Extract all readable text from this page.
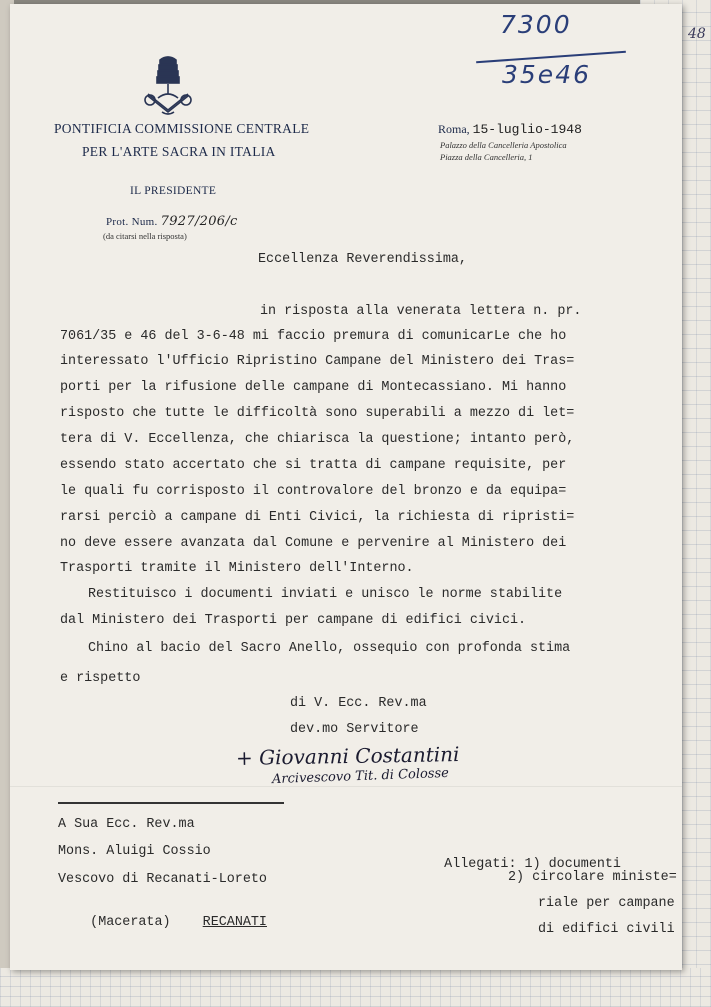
48
PONTIFICIA COMMISSIONE CENTRALE
PER L'ARTE SACRA IN ITALIA
IL PRESIDENTE
Prot. Num. 7927/206/c
(da citarsi nella risposta)
Roma, 15-luglio-1948
Palazzo della Cancelleria Apostolica
Piazza della Cancelleria, 1
7300
35e46
Eccellenza Reverendissima,
in risposta alla venerata lettera n. pr.
7061/35 e 46 del 3-6-48 mi faccio premura di comunicarLe che ho
interessato l'Ufficio Ripristino Campane del Ministero dei Tras=
porti per la rifusione delle campane di Montecassiano. Mi hanno
risposto che tutte le difficoltà sono superabili a mezzo di let=
tera di V. Eccellenza, che chiarisca la questione; intanto però,
essendo stato accertato che si tratta di campane requisite, per
le quali fu corrisposto il controvalore del bronzo e da equipa=
rarsi perciò a campane di Enti Civici, la richiesta di ripristi=
no deve essere avanzata dal Comune e pervenire al Ministero dei
Trasporti tramite il Ministero dell'Interno.
Restituisco i documenti inviati e unisco le norme stabilite
dal Ministero dei Trasporti per campane di edifici civici.
Chino al bacio del Sacro Anello, ossequio con profonda stima
e rispetto
di V. Ecc. Rev.ma
dev.mo Servitore
+ Giovanni Costantini
Arcivescovo Tit. di Colosse
A Sua Ecc. Rev.ma
Mons. Aluigi Cossio
Vescovo di Recanati-Loreto

(Macerata) RECANATI

Allegati: 1) documenti

2) circolare ministe=
riale per campane
di edifici civili
